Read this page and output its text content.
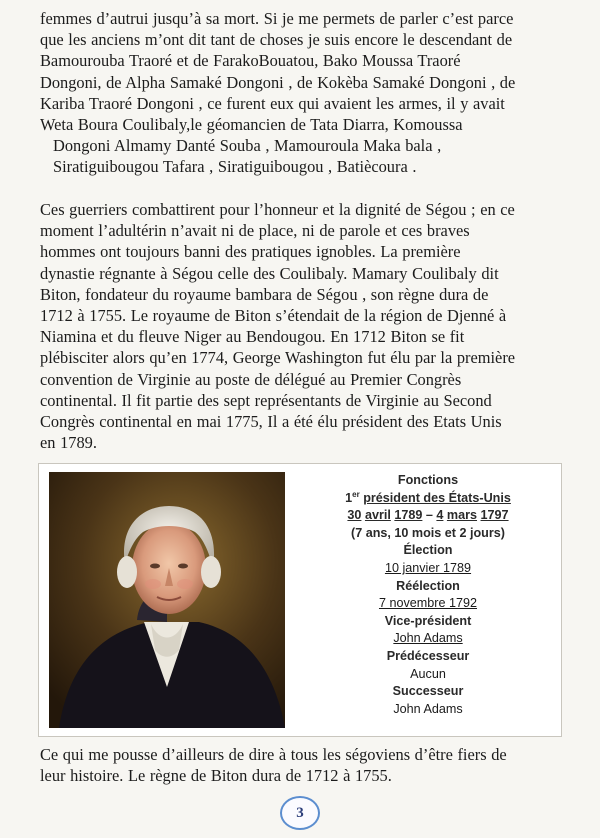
femmes d’autrui jusqu’à sa mort. Si je me permets de parler c’est parce
que les anciens m’ont dit tant de choses je suis encore le descendant de
Bamourouba Traoré et de FarakoBouatou, Bako Moussa Traoré
Dongoni, de Alpha Samaké Dongoni , de Kokèba Samaké Dongoni , de
Kariba Traoré Dongoni , ce furent eux qui avaient les armes, il y avait
Weta Boura Coulibaly,le géomancien de Tata Diarra, Komoussa
Dongoni Almamy Danté Souba , Mamouroula Maka bala ,
Siratiguibougou Tafara , Siratiguibougou , Batiècoura .
Ces guerriers combattirent pour l’honneur et la dignité de Ségou ; en ce
moment l’adultérin n’avait ni de place, ni de parole et ces braves
hommes ont toujours banni des pratiques ignobles. La première
dynastie régnante à Ségou celle des Coulibaly. Mamary Coulibaly dit
Biton, fondateur du royaume bambara de Ségou , son règne dura de
1712 à 1755. Le royaume de Biton s’étendait de la région de Djenné à
Niamina et du fleuve Niger au Bendougou. En 1712 Biton se fit
plébisciter alors qu’en 1774, George Washington fut élu par la première
convention de Virginie au poste de délégué au Premier Congrès
continental. Il fit partie des sept représentants de Virginie au Second
Congrès continental en mai 1775, Il a été élu président des Etats Unis
en 1789.
Fonctions
1er président des États-Unis
30 avril 1789 – 4 mars 1797
(7 ans, 10 mois et 2 jours)
Élection
10 janvier 1789
Réélection
7 novembre 1792
Vice-président
John Adams
Prédécesseur
Aucun
Successeur
John Adams
Ce qui me pousse d’ailleurs de dire à tous les ségoviens d’être fiers de
leur histoire. Le règne de Biton dura de 1712 à 1755.
3
